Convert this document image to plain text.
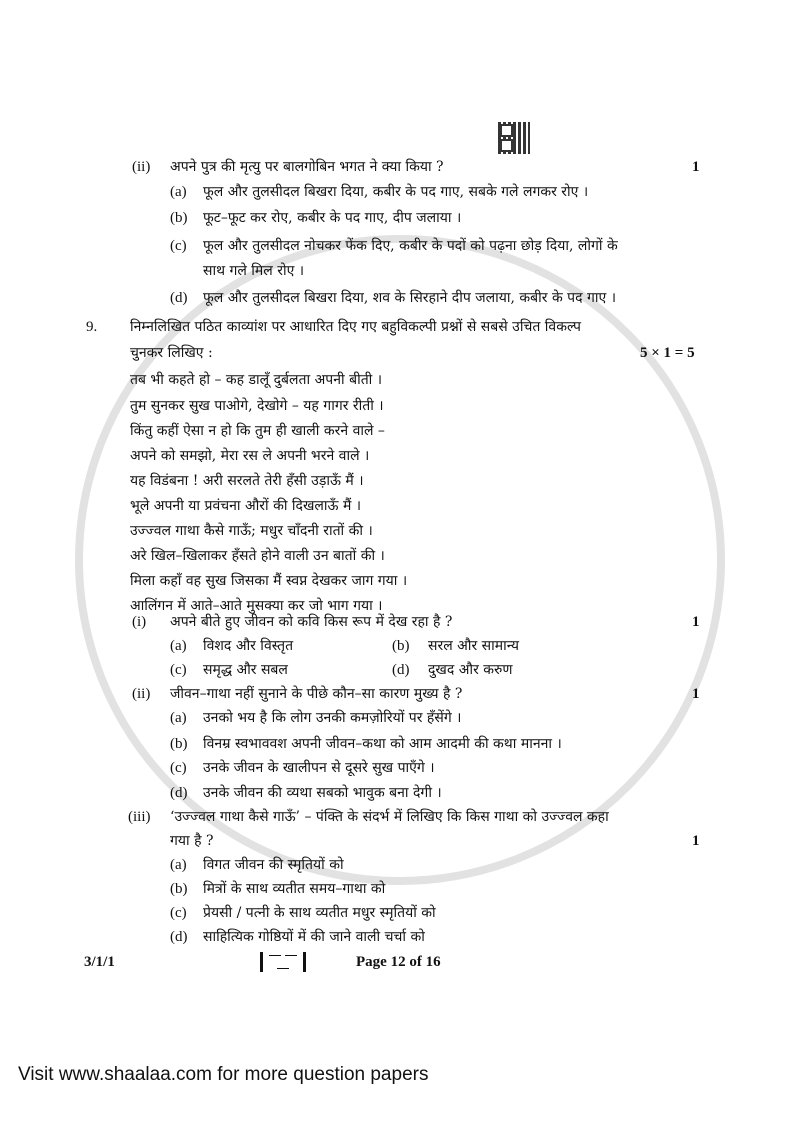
(ii) अपने पुत्र की मृत्यु पर बालगोबिन भगत ने क्या किया ?	1
(a) फूल और तुलसीदल बिखरा दिया, कबीर के पद गाए, सबके गले लगकर रोए ।
(b) फूट–फूट कर रोए, कबीर के पद गाए, दीप जलाया ।
(c) फूल और तुलसीदल नोचकर फेंक दिए, कबीर के पदों को पढ़ना छोड़ दिया, लोगों के
साथ गले मिल रोए ।
(d) फूल और तुलसीदल बिखरा दिया, शव के सिरहाने दीप जलाया, कबीर के पद गाए ।
9. निम्नलिखित पठित काव्यांश पर आधारित दिए गए बहुविकल्पी प्रश्नों से सबसे उचित विकल्प
चुनकर लिखिए :	5 × 1 = 5
तब भी कहते हो – कह डालूँ दुर्बलता अपनी बीती ।
तुम सुनकर सुख पाओगे, देखोगे – यह गागर रीती ।
किंतु कहीं ऐसा न हो कि तुम ही खाली करने वाले –
अपने को समझो, मेरा रस ले अपनी भरने वाले ।
यह विडंबना ! अरी सरलते तेरी हँसी उड़ाऊँ मैं ।
भूले अपनी या प्रवंचना औरों की दिखलाऊँ मैं ।
उज्ज्वल गाथा कैसे गाऊँ; मधुर चाँदनी रातों की ।
अरे खिल–खिलाकर हँसते होने वाली उन बातों की ।
मिला कहाँ वह सुख जिसका मैं स्वप्न देखकर जाग गया ।
आलिंगन में आते–आते मुसक्या कर जो भाग गया ।
(i) अपने बीते हुए जीवन को कवि किस रूप में देख रहा है ?	1
(a) विशद और विस्तृत	(b) सरल और सामान्य
(c) समृद्ध और सबल	(d) दुखद और करुण
(ii) जीवन–गाथा नहीं सुनाने के पीछे कौन–सा कारण मुख्य है ?	1
(a) उनको भय है कि लोग उनकी कमज़ोरियों पर हँसेंगे ।
(b) विनम्र स्वभाववश अपनी जीवन–कथा को आम आदमी की कथा मानना ।
(c) उनके जीवन के खालीपन से दूसरे सुख पाएँगे ।
(d) उनके जीवन की व्यथा सबको भावुक बना देगी ।
(iii) ‘उज्ज्वल गाथा कैसे गाऊँ’ – पंक्ति के संदर्भ में लिखिए कि किस गाथा को उज्ज्वल कहा
गया है ?	1
(a) विगत जीवन की स्मृतियों को
(b) मित्रों के साथ व्यतीत समय–गाथा को
(c) प्रेयसी / पत्नी के साथ व्यतीत मधुर स्मृतियों को
(d) साहित्यिक गोष्ठियों में की जाने वाली चर्चा को
3/1/1	Page 12 of 16
Visit www.shaalaa.com for more question papers
